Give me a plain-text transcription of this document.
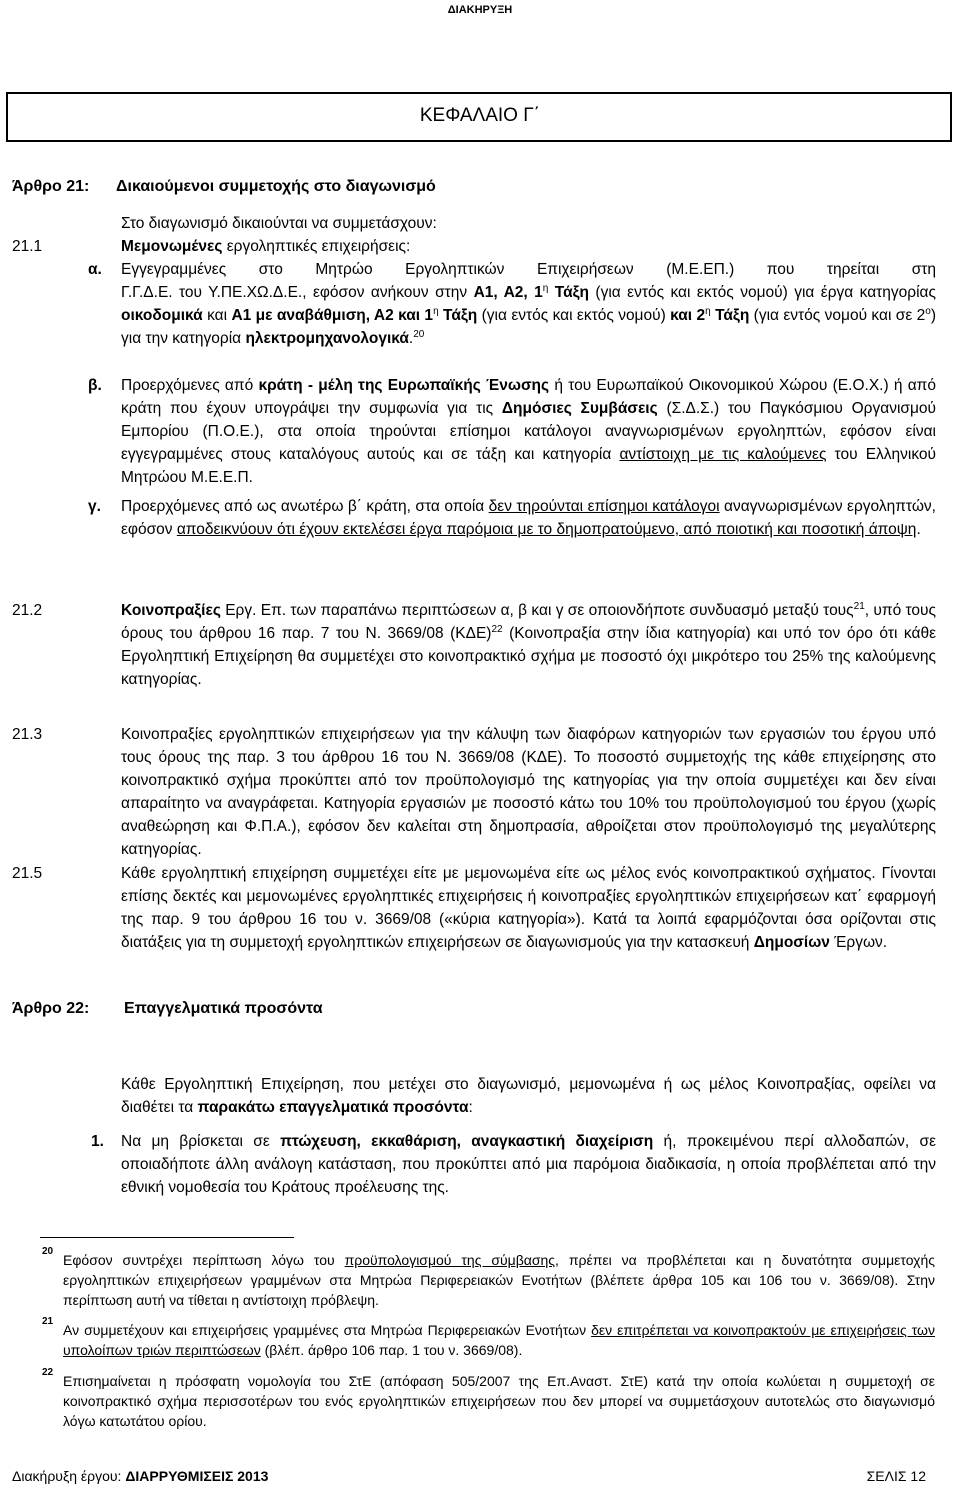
ΔΙΑΚΗΡΥΞΗ
ΚΕΦΑΛΑΙΟ Γ΄
Άρθρο 21: Δικαιούμενοι συμμετοχής στο διαγωνισμό
Στο διαγωνισμό δικαιούνται να συμμετάσχουν:
21.1	Μεμονωμένες εργοληπτικές επιχειρήσεις:
α. Εγγεγραμμένες στο Μητρώο Εργοληπτικών Επιχειρήσεων (Μ.Ε.ΕΠ.) που τηρείται στη
Γ.Γ.Δ.Ε. του Υ.ΠΕ.ΧΩ.Δ.Ε., εφόσον ανήκουν στην Α1, Α2, $1^\eta$ Τάξη (για εντός και εκτός νομού) για έργα κατηγορίας οικοδομικά και Α1 με αναβάθμιση, Α2 και $1^\eta$ Τάξη (για εντός και εκτός νομού) και $2^\eta$ Τάξη (για εντός νομού και σε $2^o$) για την κατηγορία ηλεκτρομηχανολογικά.$^{20}$
β. Προερχόμενες από κράτη - μέλη της Ευρωπαϊκής Ένωσης ή του Ευρωπαϊκού Οικονομικού Χώρου (Ε.Ο.Χ.) ή από κράτη που έχουν υπογράψει την συμφωνία για τις Δημόσιες Συμβάσεις (Σ.Δ.Σ.) του Παγκόσμιου Οργανισμού Εμπορίου (Π.Ο.Ε.), στα οποία τηρούνται επίσημοι κατάλογοι αναγνωρισμένων εργοληπτών, εφόσον είναι εγγεγραμμένες στους καταλόγους αυτούς και σε τάξη και κατηγορία αντίστοιχη με τις καλούμενες του Ελληνικού Μητρώου Μ.Ε.Ε.Π.
γ. Προερχόμενες από ως ανωτέρω β΄ κράτη, στα οποία δεν τηρούνται επίσημοι κατάλογοι αναγνωρισμένων εργοληπτών, εφόσον αποδεικνύουν ότι έχουν εκτελέσει έργα παρόμοια με το δημοπρατούμενο, από ποιοτική και ποσοτική άποψη.
21.2	Κοινοπραξίες Εργ. Επ. των παραπάνω περιπτώσεων α, β και γ σε οποιονδήποτε συνδυασμό μεταξύ τους$^{21}$, υπό τους όρους του άρθρου 16 παρ. 7 του Ν. 3669/08 $(K\Delta E)^{22}$ (Κοινοπραξία στην ίδια κατηγορία) και υπό τον όρο ότι κάθε Εργοληπτική Επιχείρηση θα συμμετέχει στο κοινοπρακτικό σχήμα με ποσοστό όχι μικρότερο του 25% της καλούμενης κατηγορίας.
21.3	Κοινοπραξίες εργοληπτικών επιχειρήσεων για την κάλυψη των διαφόρων κατηγοριών των εργασιών του έργου υπό τους όρους της παρ. 3 του άρθρου 16 του Ν. 3669/08 (ΚΔΕ). Το ποσοστό συμμετοχής της κάθε επιχείρησης στο κοινοπρακτικό σχήμα προκύπτει από τον προϋπολογισμό της κατηγορίας για την οποία συμμετέχει και δεν είναι απαραίτητο να αναγράφεται. Κατηγορία εργασιών με ποσοστό κάτω του 10% του προϋπολογισμού του έργου (χωρίς αναθεώρηση και Φ.Π.Α.), εφόσον δεν καλείται στη δημοπρασία, αθροίζεται στον προϋπολογισμό της μεγαλύτερης κατηγορίας.
21.5	Κάθε εργοληπτική επιχείρηση συμμετέχει είτε με μεμονωμένα είτε ως μέλος ενός κοινοπρακτικού σχήματος. Γίνονται επίσης δεκτές και μεμονωμένες εργοληπτικές επιχειρήσεις ή κοινοπραξίες εργοληπτικών επιχειρήσεων κατ΄ εφαρμογή της παρ. 9 του άρθρου 16 του ν. 3669/08 («κύρια κατηγορία»). Κατά τα λοιπά εφαρμόζονται όσα ορίζονται στις διατάξεις για τη συμμετοχή εργοληπτικών επιχειρήσεων σε διαγωνισμούς για την κατασκευή Δημοσίων Έργων.
Άρθρο 22: Επαγγελματικά προσόντα
Κάθε Εργοληπτική Επιχείρηση, που μετέχει στο διαγωνισμό, μεμονωμένα ή ως μέλος Κοινοπραξίας, οφείλει να διαθέτει τα παρακάτω επαγγελματικά προσόντα:
1. Να μη βρίσκεται σε πτώχευση, εκκαθάριση, αναγκαστική διαχείριση ή, προκειμένου περί αλλοδαπών, σε οποιαδήποτε άλλη ανάλογη κατάσταση, που προκύπτει από μια παρόμοια διαδικασία, η οποία προβλέπεται από την εθνική νομοθεσία του Κράτους προέλευσης της.
20
Εφόσον συντρέχει περίπτωση λόγω του προϋπολογισμού της σύμβασης, πρέπει να προβλέπεται και η δυνατότητα συμμετοχής εργοληπτικών επιχειρήσεων γραμμένων στα Μητρώα Περιφερειακών Ενοτήτων (βλέπετε άρθρα 105 και 106 του ν. 3669/08). Στην περίπτωση αυτή να τίθεται η αντίστοιχη πρόβλεψη.
21
Αν συμμετέχουν και επιχειρήσεις γραμμένες στα Μητρώα Περιφερειακών Ενοτήτων δεν επιτρέπεται να κοινοπρακτούν με επιχειρήσεις των υπολοίπων τριών περιπτώσεων (βλέπ. άρθρο 106 παρ. 1 του ν. 3669/08).
22
Επισημαίνεται η πρόσφατη νομολογία του ΣτΕ (απόφαση 505/2007 της Επ.Αναστ. ΣτΕ) κατά την οποία κωλύεται η συμμετοχή σε κοινοπρακτικό σχήμα περισσοτέρων του ενός εργοληπτικών επιχειρήσεων που δεν μπορεί να συμμετάσχουν αυτοτελώς στο διαγωνισμό λόγω κατωτάτου ορίου.
Διακήρυξη έργου: ΔΙΑΡΡΥΘΜΙΣΕΙΣ 2013	ΣΕΛΙΣ 12
